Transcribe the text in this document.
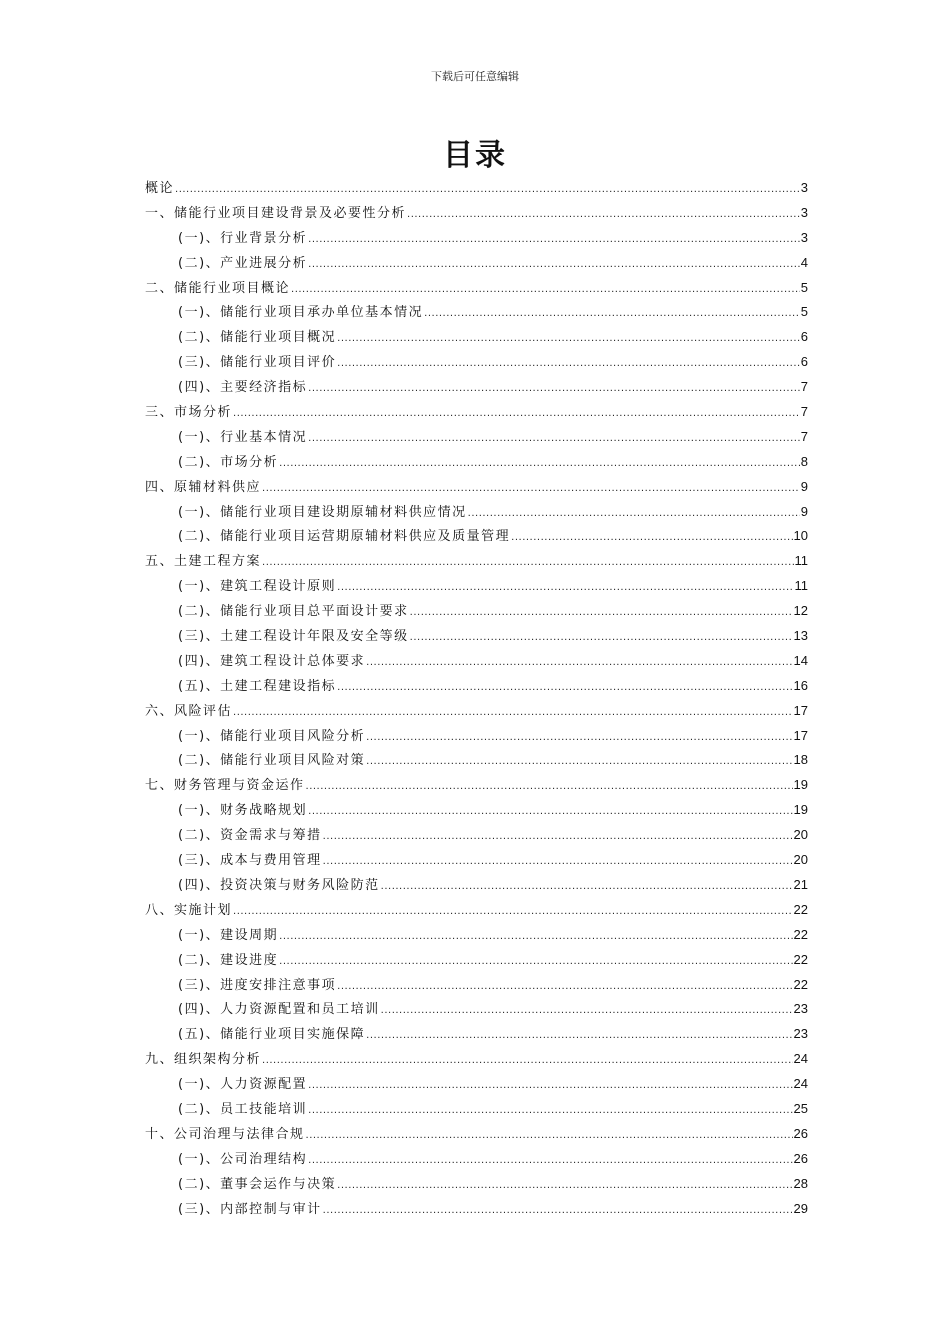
下载后可任意编辑
目录
概论 .....	3
一、储能行业项目建设背景及必要性分析 .....	3
(一)、行业背景分析 .....	3
(二)、产业进展分析 .....	4
二、储能行业项目概论 .....	5
(一)、储能行业项目承办单位基本情况 .....	5
(二)、储能行业项目概况 .....	6
(三)、储能行业项目评价 .....	6
(四)、主要经济指标 .....	7
三、市场分析 .....	7
(一)、行业基本情况 .....	7
(二)、市场分析 .....	8
四、原辅材料供应 .....	9
(一)、储能行业项目建设期原辅材料供应情况 .....	9
(二)、储能行业项目运营期原辅材料供应及质量管理 .....	10
五、土建工程方案 .....	11
(一)、建筑工程设计原则 .....	11
(二)、储能行业项目总平面设计要求 .....	12
(三)、土建工程设计年限及安全等级 .....	13
(四)、建筑工程设计总体要求 .....	14
(五)、土建工程建设指标 .....	16
六、风险评估 .....	17
(一)、储能行业项目风险分析 .....	17
(二)、储能行业项目风险对策 .....	18
七、财务管理与资金运作 .....	19
(一)、财务战略规划 .....	19
(二)、资金需求与筹措 .....	20
(三)、成本与费用管理 .....	20
(四)、投资决策与财务风险防范 .....	21
八、实施计划 .....	22
(一)、建设周期 .....	22
(二)、建设进度 .....	22
(三)、进度安排注意事项 .....	22
(四)、人力资源配置和员工培训 .....	23
(五)、储能行业项目实施保障 .....	23
九、组织架构分析 .....	24
(一)、人力资源配置 .....	24
(二)、员工技能培训 .....	25
十、公司治理与法律合规 .....	26
(一)、公司治理结构 .....	26
(二)、董事会运作与决策 .....	28
(三)、内部控制与审计 .....	29
